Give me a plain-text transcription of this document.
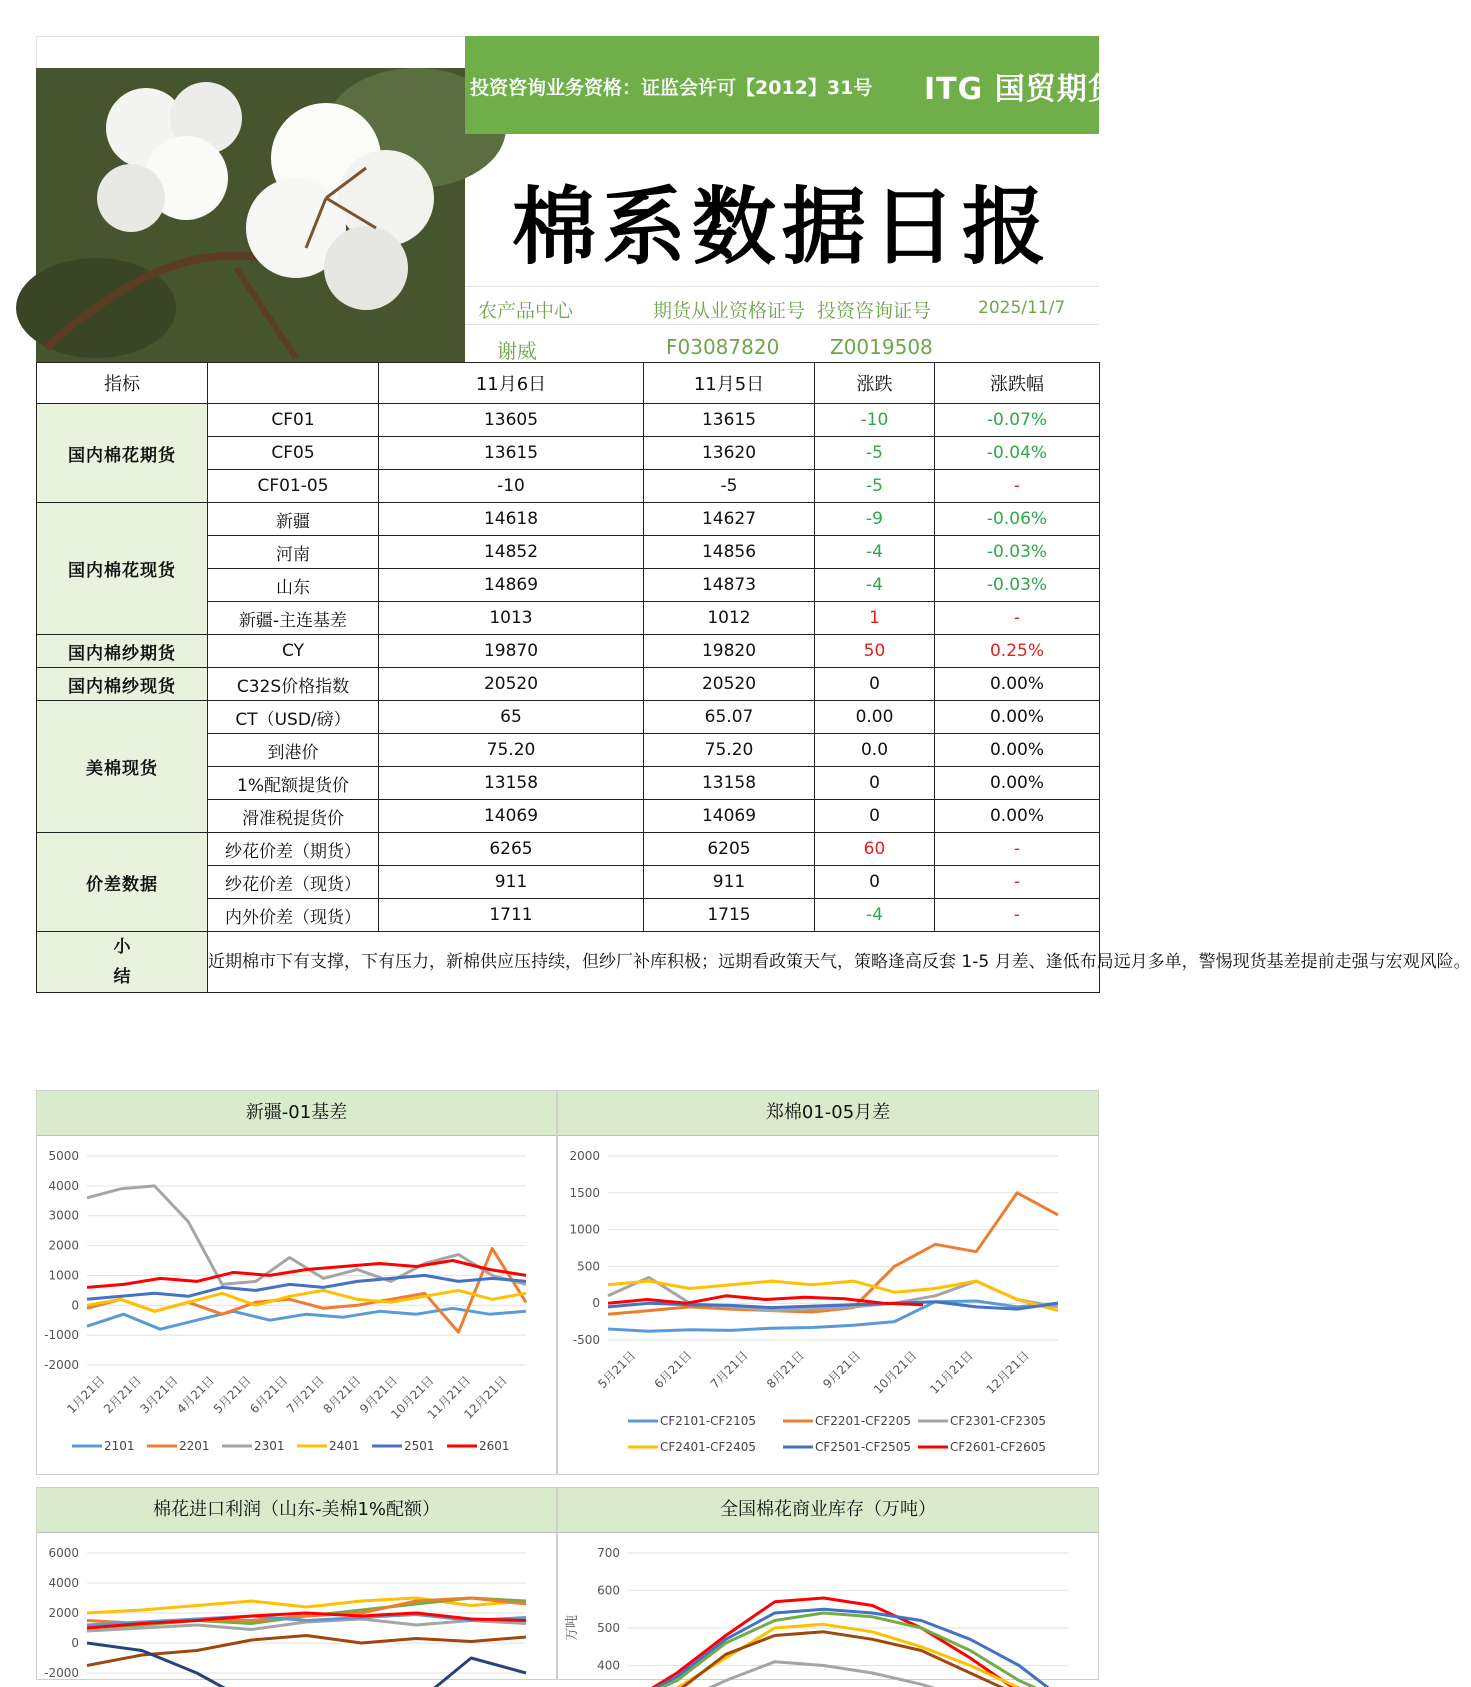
投资咨询业务资格：证监会许可【2012】31号 ITG 国贸期货
棉系数据日报
农产品中心	期货从业资格证号 投资咨询证号	2025/11/7
谢威	F03087820	Z0019508
指标		11月6日	11月5日	涨跌	涨跌幅
国内棉花期货	CF01	13605	13615	-10	-0.07%
	CF05	13615	13620	-5	-0.04%
	CF01-05	-10	-5	-5	-
国内棉花现货	新疆	14618	14627	-9	-0.06%
	河南	14852	14856	-4	-0.03%
	山东	14869	14873	-4	-0.03%
	新疆-主连基差	1013	1012	1	-
国内棉纱期货	CY	19870	19820	50	0.25%
国内棉纱现货	C32S价格指数	20520	20520	0	0.00%
美棉现货	CT（USD/磅）	65	65.07	0.00	0.00%
	到港价	75.20	75.20	0.0	0.00%
	1%配额提货价	13158	13158	0	0.00%
	滑准税提货价	14069	14069	0	0.00%
价差数据	纱花价差（期货）	6265	6205	60	-
	纱花价差（现货）	911	911	0	-
	内外价差（现货）	1711	1715	-4	-
小
结	近期棉市下有支撑，下有压力，新棉供应压持续，但纱厂补库积极；远期看政策天气，策略逢高反套 1-5 月差、逢低布局远月多单，警惕现货基差提前走强与宏观风险。				
新疆-01基差
5000
4000
3000
2000
1000
0
-1000
-2000
1月21日
2月21日
3月21日
4月21日
5月21日
6月21日
7月21日
8月21日
9月21日
10月21日
11月21日
12月21日
2101	2201	2301	2401	2501	2601
郑棉01-05月差
2000
1500
1000
500
0
-500
5月21日 6月21日 7月21日 8月21日 9月21日 10月21日 11月21日 12月21日
CF2101-CF2105	CF2201-CF2205	CF2301-CF2305
CF2401-CF2405	CF2501-CF2505	CF2601-CF2605
棉花进口利润（山东-美棉1%配额）
6000
4000
2000
0
-2000
全国棉花商业库存（万吨）
700
600
500
400
万吨
